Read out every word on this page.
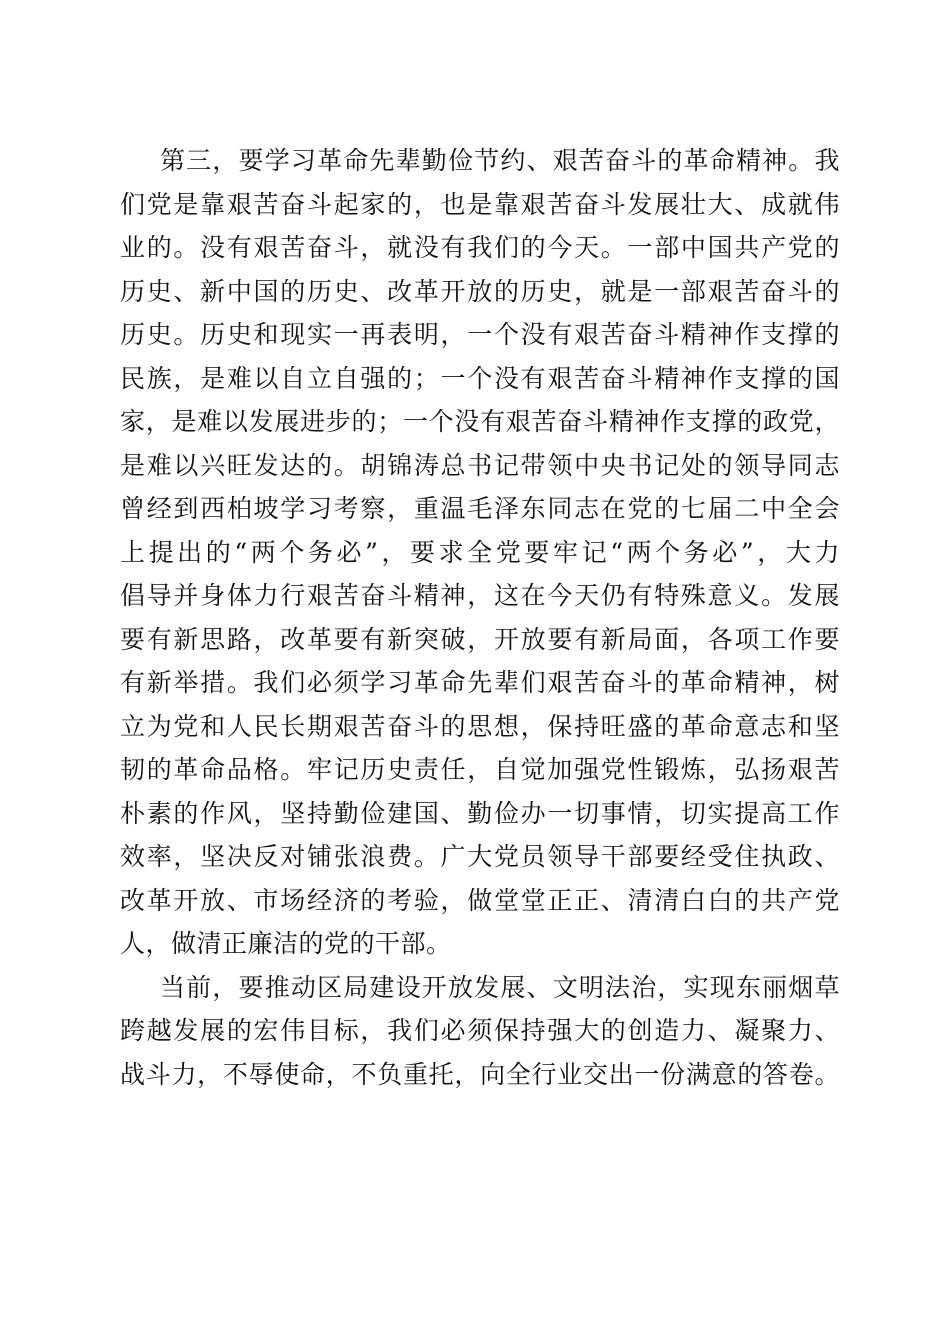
第三，要学习革命先辈勤俭节约、艰苦奋斗的革命精神。我
们党是靠艰苦奋斗起家的，也是靠艰苦奋斗发展壮大、成就伟
业的。没有艰苦奋斗，就没有我们的今天。一部中国共产党的
历史、新中国的历史、改革开放的历史，就是一部艰苦奋斗的
历史。历史和现实一再表明，一个没有艰苦奋斗精神作支撑的
民族，是难以自立自强的；一个没有艰苦奋斗精神作支撑的国
家，是难以发展进步的；一个没有艰苦奋斗精神作支撑的政党，
是难以兴旺发达的。胡锦涛总书记带领中央书记处的领导同志
曾经到西柏坡学习考察，重温毛泽东同志在党的七届二中全会
上提出的“两个务必”，要求全党要牢记“两个务必”，大力
倡导并身体力行艰苦奋斗精神，这在今天仍有特殊意义。发展
要有新思路，改革要有新突破，开放要有新局面，各项工作要
有新举措。我们必须学习革命先辈们艰苦奋斗的革命精神，树
立为党和人民长期艰苦奋斗的思想，保持旺盛的革命意志和坚
韧的革命品格。牢记历史责任，自觉加强党性锻炼，弘扬艰苦
朴素的作风，坚持勤俭建国、勤俭办一切事情，切实提高工作
效率，坚决反对铺张浪费。广大党员领导干部要经受住执政、
改革开放、市场经济的考验，做堂堂正正、清清白白的共产党
人，做清正廉洁的党的干部。
当前，要推动区局建设开放发展、文明法治，实现东丽烟草
跨越发展的宏伟目标，我们必须保持强大的创造力、凝聚力、
战斗力，不辱使命，不负重托，向全行业交出一份满意的答卷。
